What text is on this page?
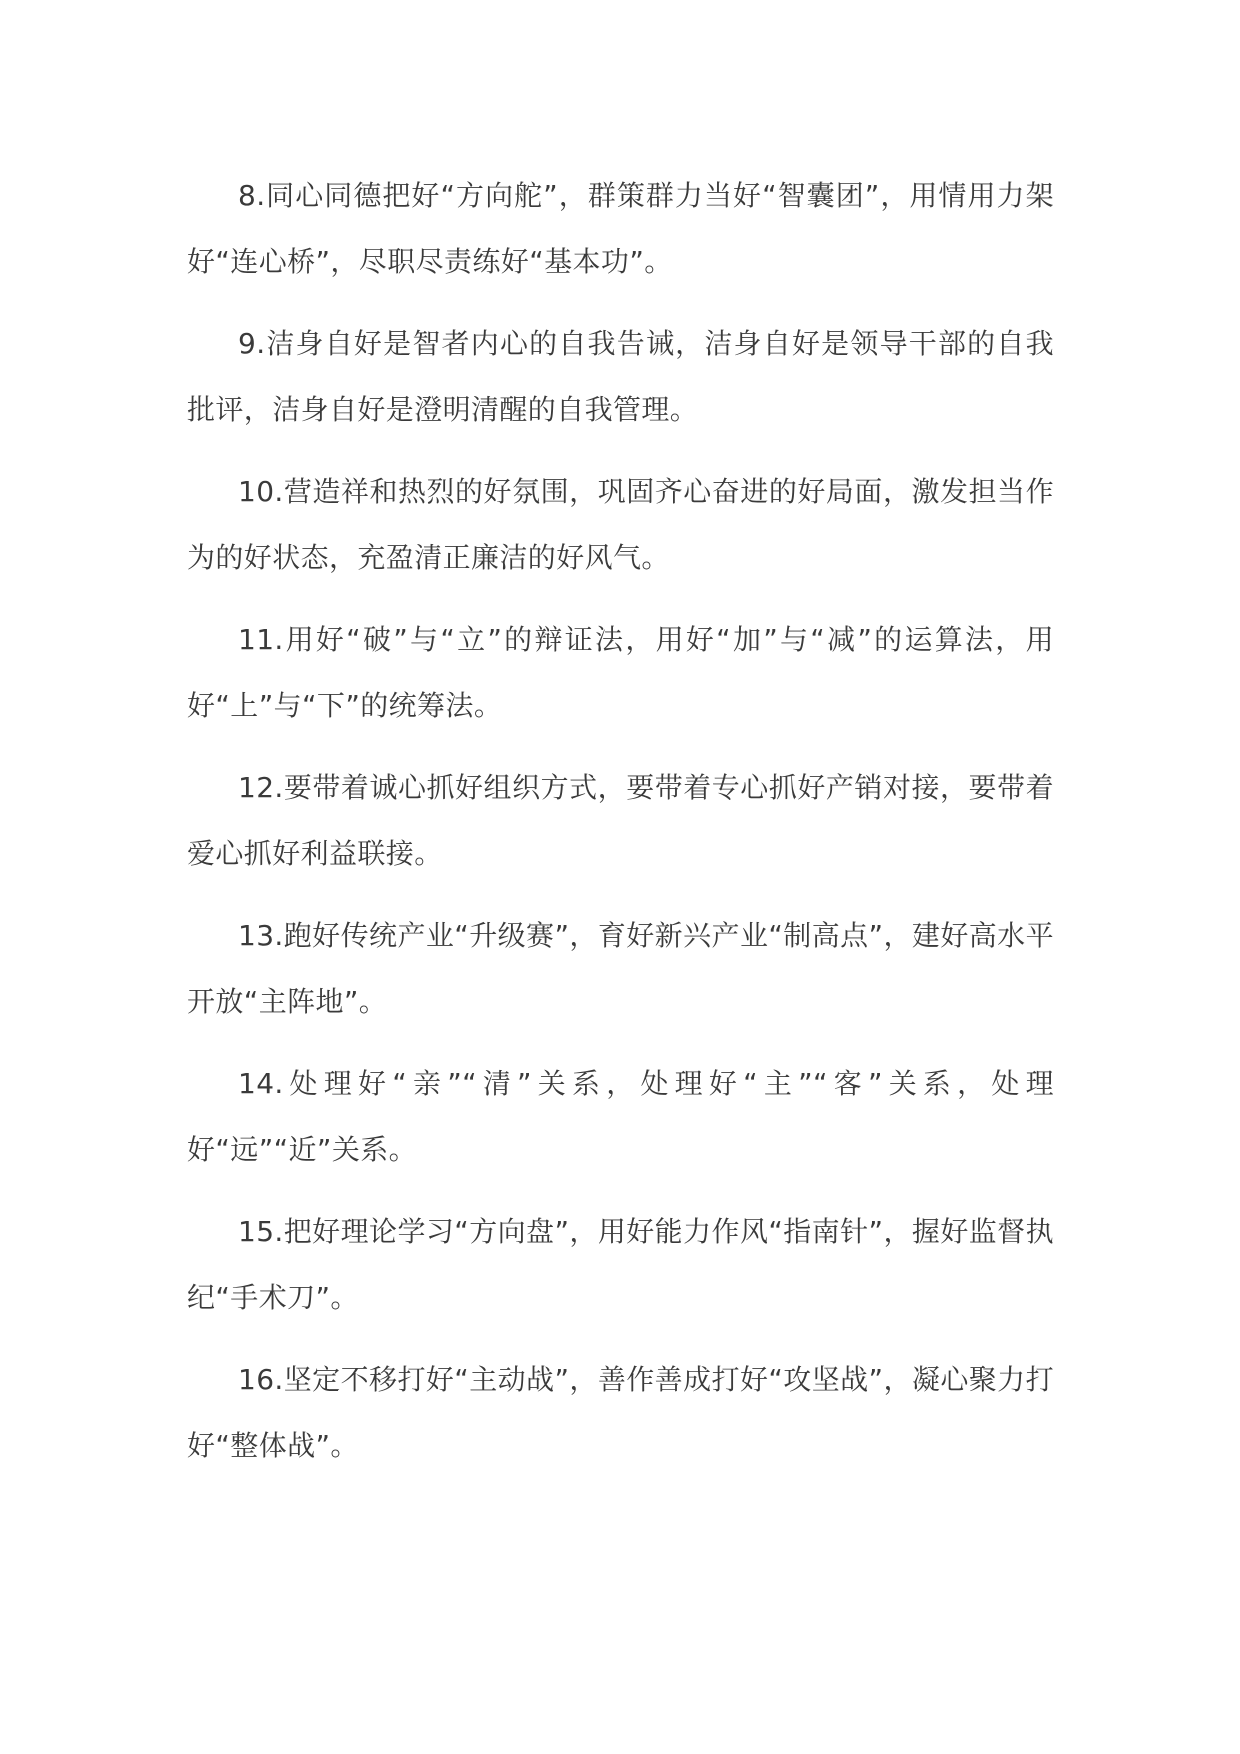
8.同心同德把好“方向舵”，群策群力当好“智囊团”，用情用力架好“连心桥”，尽职尽责练好“基本功”。

9.洁身自好是智者内心的自我告诫，洁身自好是领导干部的自我批评，洁身自好是澄明清醒的自我管理。

10.营造祥和热烈的好氛围，巩固齐心奋进的好局面，激发担当作为的好状态，充盈清正廉洁的好风气。

11.用好“破”与“立”的辩证法，用好“加”与“减”的运算法，用好“上”与“下”的统筹法。

12.要带着诚心抓好组织方式，要带着专心抓好产销对接，要带着爱心抓好利益联接。

13.跑好传统产业“升级赛”，育好新兴产业“制高点”，建好高水平开放“主阵地”。

14.处理好“亲”“清”关系，处理好“主”“客”关系，处理好“远”“近”关系。

15.把好理论学习“方向盘”，用好能力作风“指南针”，握好监督执纪“手术刀”。

16.坚定不移打好“主动战”，善作善成打好“攻坚战”，凝心聚力打好“整体战”。
